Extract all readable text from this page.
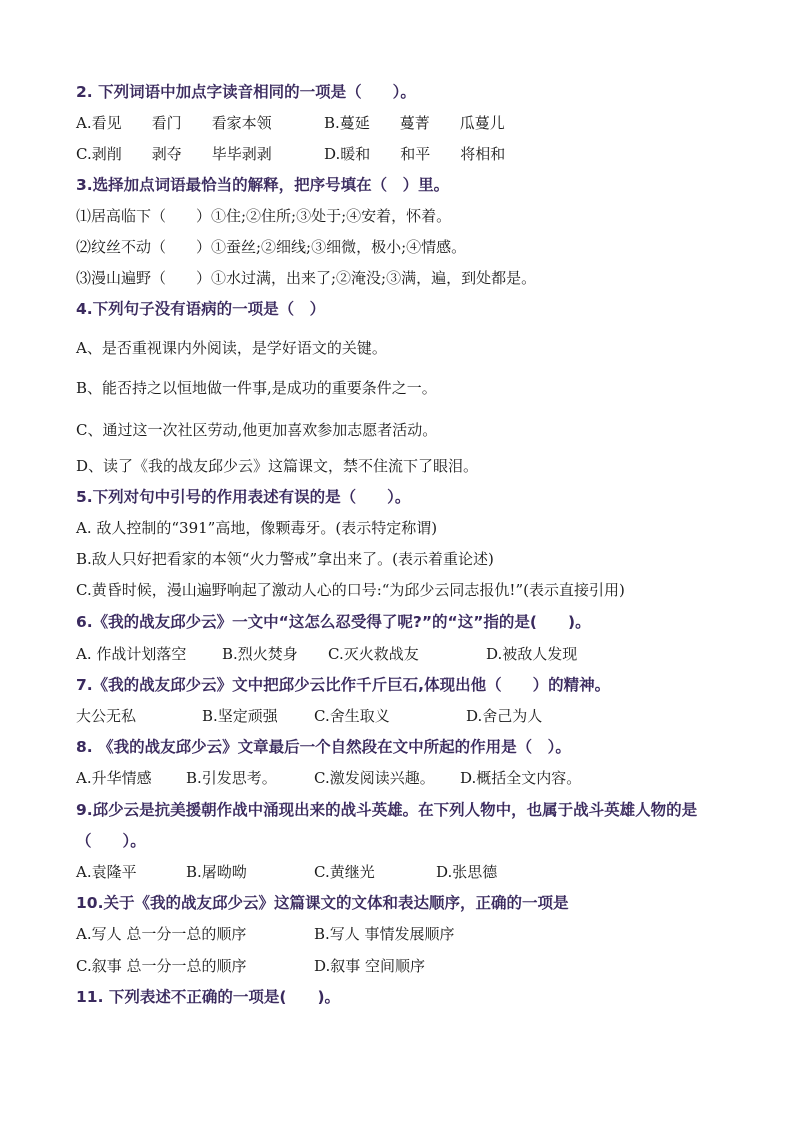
2. 下列词语中加点字读音相同的一项是（　　）。
A.看见　　看门　　看家本领	B.蔓延　　蔓菁　　瓜蔓儿
C.剥削　　剥夺　　毕毕剥剥	D.暖和　　和平　　将相和
3.选择加点词语最恰当的解释，把序号填在（　）里。
⑴居高临下（　　）①住;②住所;③处于;④安着，怀着。
⑵纹丝不动（　　）①蚕丝;②细线;③细微，极小;④情感。
⑶漫山遍野（　　）①水过满，出来了;②淹没;③满，遍，到处都是。
4.下列句子没有语病的一项是（　）
A、是否重视课内外阅读，是学好语文的关键。
B、能否持之以恒地做一件事,是成功的重要条件之一。
C、通过这一次社区劳动,他更加喜欢参加志愿者活动。
D、读了《我的战友邱少云》这篇课文，禁不住流下了眼泪。
5.下列对句中引号的作用表述有误的是（　　）。
A. 敌人控制的“391”高地，像颗毒牙。(表示特定称谓)
B.敌人只好把看家的本领“火力警戒”拿出来了。(表示着重论述)
C.黄昏时候，漫山遍野响起了激动人心的口号:“为邱少云同志报仇!”(表示直接引用)
6.《我的战友邱少云》一文中“这怎么忍受得了呢?”的“这”指的是(　　)。
A. 作战计划落空 B.烈火焚身 C.灭火救战友	D.被敌人发现
7.《我的战友邱少云》文中把邱少云比作千斤巨石,体现出他（　　）的精神。
大公无私	B.坚定顽强 C.舍生取义	D.舍己为人
8. 《我的战友邱少云》文章最后一个自然段在文中所起的作用是（　）。
A.升华情感 B.引发思考。 C.激发阅读兴趣。 D.概括全文内容。
9.邱少云是抗美援朝作战中涌现出来的战斗英雄。在下列人物中，也属于战斗英雄人物的是
（　　）。
A.袁隆平	B.屠呦呦	C.黄继光	D.张思德
10.关于《我的战友邱少云》这篇课文的文体和表达顺序，正确的一项是
A.写人 总一分一总的顺序	B.写人 事情发展顺序
C.叙事 总一分一总的顺序	D.叙事 空间顺序
11. 下列表述不正确的一项是(　　)。
